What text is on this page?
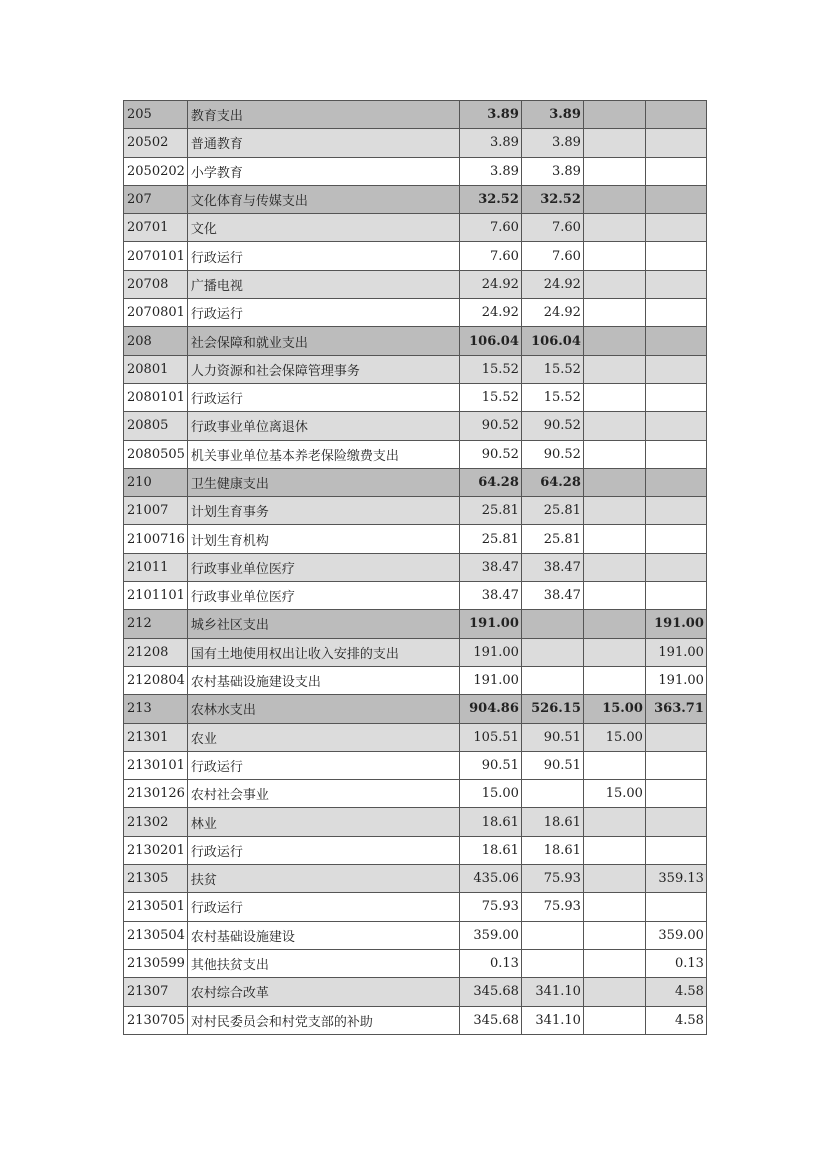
205	教育支出	3.89	3.89		
20502	普通教育	3.89	3.89		
2050202	小学教育	3.89	3.89		
207	文化体育与传媒支出	32.52	32.52		
20701	文化	7.60	7.60		
2070101	行政运行	7.60	7.60		
20708	广播电视	24.92	24.92		
2070801	行政运行	24.92	24.92		
208	社会保障和就业支出	106.04	106.04		
20801	人力资源和社会保障管理事务	15.52	15.52		
2080101	行政运行	15.52	15.52		
20805	行政事业单位离退休	90.52	90.52		
2080505	机关事业单位基本养老保险缴费支出	90.52	90.52		
210	卫生健康支出	64.28	64.28		
21007	计划生育事务	25.81	25.81		
2100716	计划生育机构	25.81	25.81		
21011	行政事业单位医疗	38.47	38.47		
2101101	行政事业单位医疗	38.47	38.47		
212	城乡社区支出	191.00			191.00
21208	国有土地使用权出让收入安排的支出	191.00			191.00
2120804	农村基础设施建设支出	191.00			191.00
213	农林水支出	904.86	526.15	15.00	363.71
21301	农业	105.51	90.51	15.00	
2130101	行政运行	90.51	90.51		
2130126	农村社会事业	15.00		15.00	
21302	林业	18.61	18.61		
2130201	行政运行	18.61	18.61		
21305	扶贫	435.06	75.93		359.13
2130501	行政运行	75.93	75.93		
2130504	农村基础设施建设	359.00			359.00
2130599	其他扶贫支出	0.13			0.13
21307	农村综合改革	345.68	341.10		4.58
2130705	对村民委员会和村党支部的补助	345.68	341.10		4.58
